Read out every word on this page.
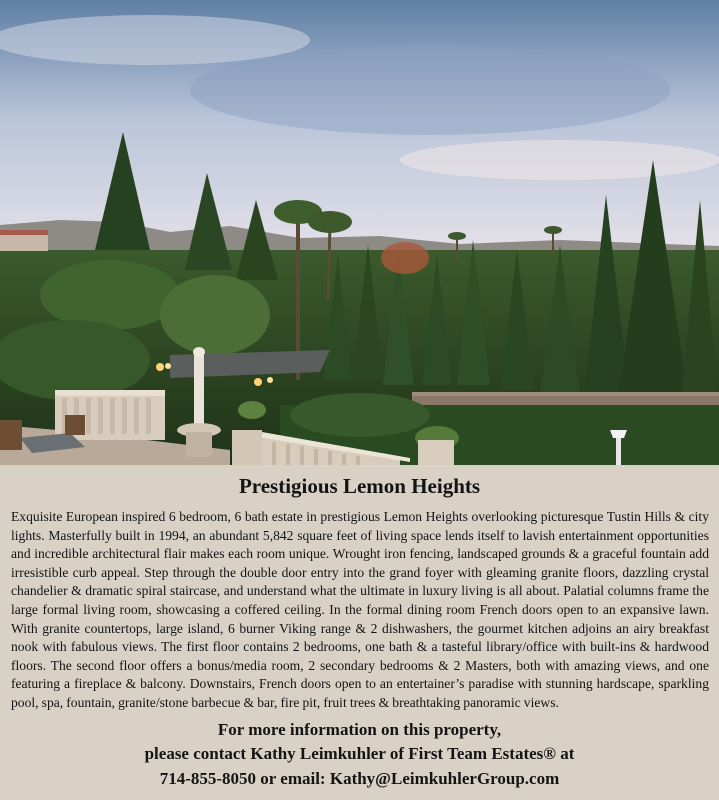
Prestigious Lemon Heights
Exquisite European inspired 6 bedroom, 6 bath estate in prestigious Lemon Heights overlooking picturesque Tustin Hills & city lights. Masterfully built in 1994, an abundant 5,842 square feet of living space lends itself to lavish entertainment opportunities and incredible architectural flair makes each room unique. Wrought iron fencing, landscaped grounds & a graceful fountain add irresistible curb appeal. Step through the double door entry into the grand foyer with gleaming granite floors, dazzling crystal chandelier & dramatic spiral staircase, and understand what the ultimate in luxury living is all about. Palatial columns frame the large formal living room, showcasing a coffered ceiling. In the formal dining room French doors open to an expansive lawn. With granite countertops, large island, 6 burner Viking range & 2 dishwashers, the gourmet kitchen adjoins an airy breakfast nook with fabulous views. The first floor contains 2 bedrooms, one bath & a tasteful library/office with built-ins & hardwood floors. The second floor offers a bonus/media room, 2 secondary bedrooms & 2 Masters, both with amazing views, and one featuring a fireplace & balcony. Downstairs, French doors open to an entertainer’s paradise with stunning hardscape, sparkling pool, spa, fountain, granite/stone barbecue & bar, fire pit, fruit trees & breathtaking panoramic views.
For more information on this property,
please contact Kathy Leimkuhler of First Team Estates® at
714-855-8050 or email: Kathy@LeimkuhlerGroup.com
